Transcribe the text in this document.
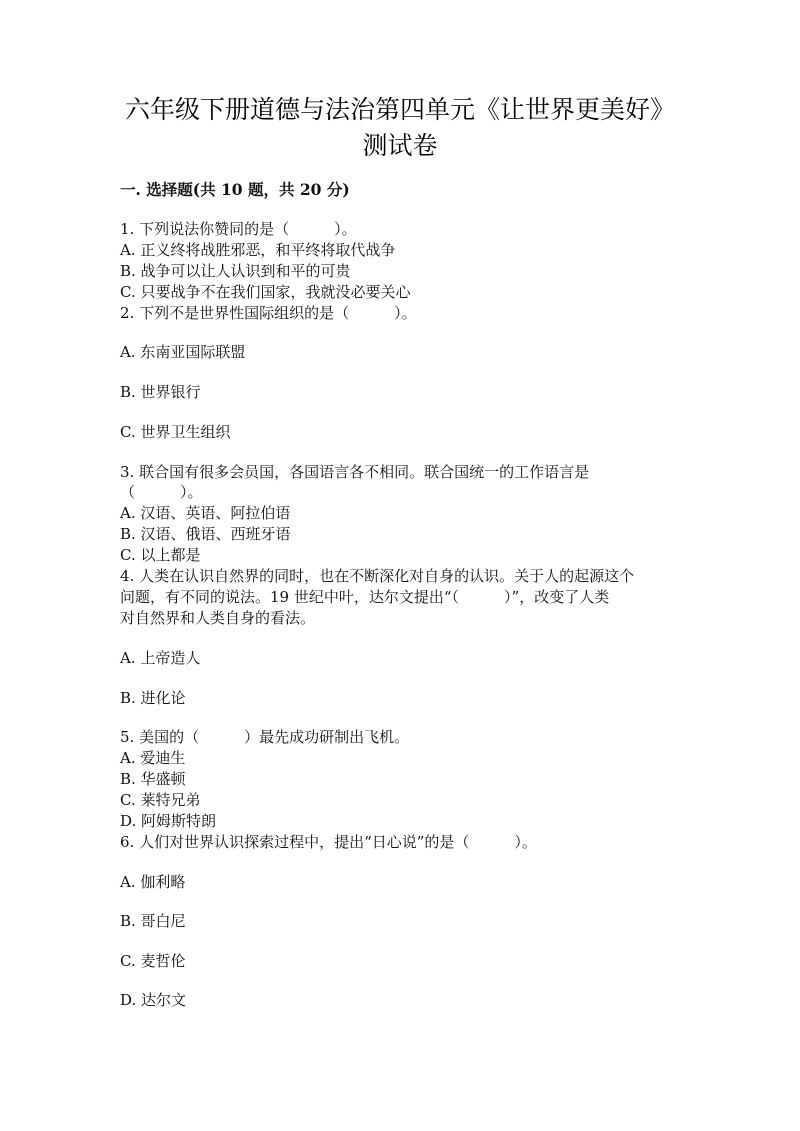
六年级下册道德与法治第四单元《让世界更美好》
测试卷
一. 选择题(共 10 题，共 20 分)
1. 下列说法你赞同的是（　　　）。
A. 正义终将战胜邪恶，和平终将取代战争
B. 战争可以让人认识到和平的可贵
C. 只要战争不在我们国家，我就没必要关心
2. 下列不是世界性国际组织的是（　　　）。
A. 东南亚国际联盟
B. 世界银行
C. 世界卫生组织
3. 联合国有很多会员国，各国语言各不相同。联合国统一的工作语言是
（　　　）。
A. 汉语、英语、阿拉伯语
B. 汉语、俄语、西班牙语
C. 以上都是
4. 人类在认识自然界的同时，也在不断深化对自身的认识。关于人的起源这个
问题，有不同的说法。19 世纪中叶，达尔文提出“（　　　）”，改变了人类
对自然界和人类自身的看法。
A. 上帝造人
B. 进化论
5. 美国的（　　　）最先成功研制出飞机。
A. 爱迪生
B. 华盛顿
C. 莱特兄弟
D. 阿姆斯特朗
6. 人们对世界认识探索过程中，提出“日心说”的是（　　　）。
A. 伽利略
B. 哥白尼
C. 麦哲伦
D. 达尔文
